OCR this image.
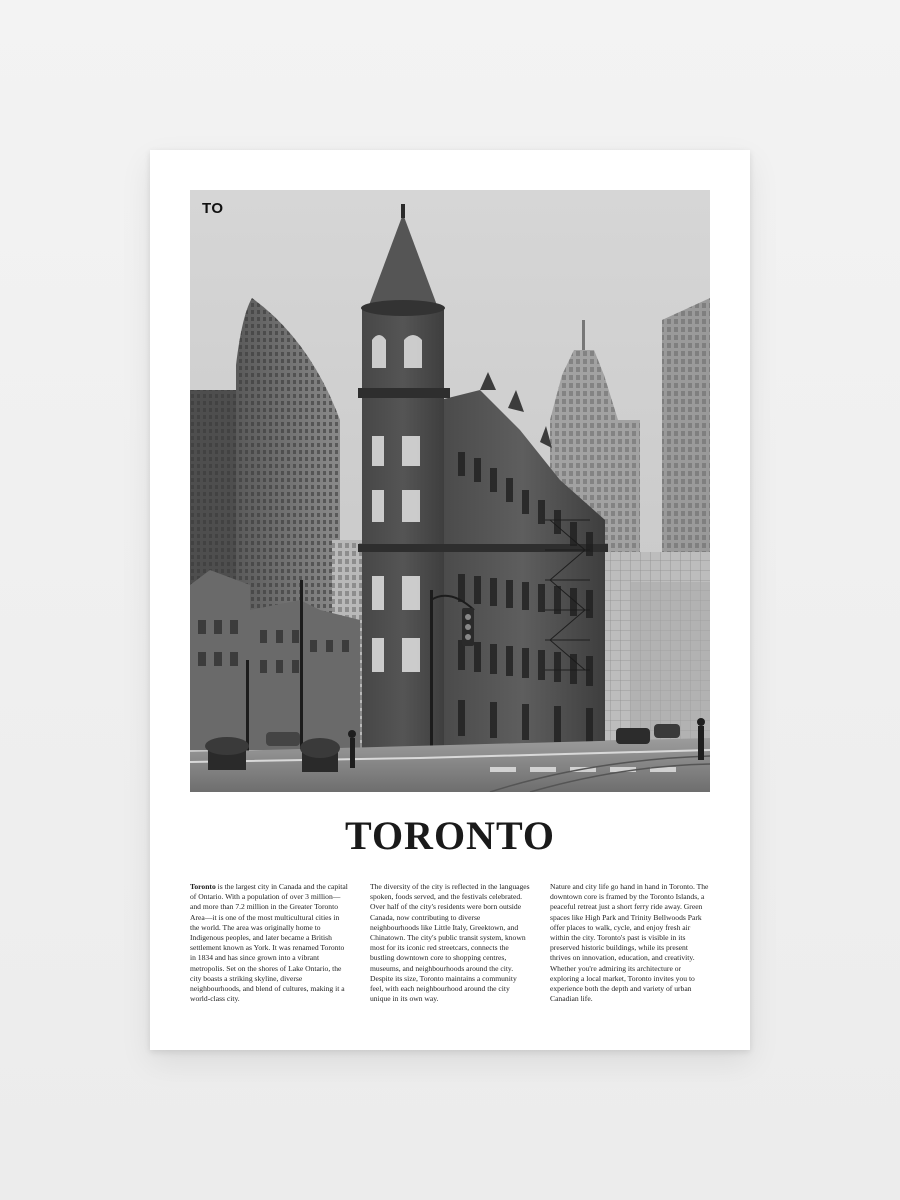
TO
TORONTO

Toronto is the largest city in Canada and the capital of Ontario. With a population of over 3 million—and more than 7.2 million in the Greater Toronto Area—it is one of the most multicultural cities in the world. The area was originally home to Indigenous peoples, and later became a British settlement known as York. It was renamed Toronto in 1834 and has since grown into a vibrant metropolis. Set on the shores of Lake Ontario, the city boasts a striking skyline, diverse neighbourhoods, and blend of cultures, making it a world-class city.

The diversity of the city is reflected in the languages spoken, foods served, and the festivals celebrated. Over half of the city's residents were born outside Canada, now contributing to diverse neighbourhoods like Little Italy, Greektown, and Chinatown. The city's public transit system, known most for its iconic red streetcars, connects the bustling downtown core to shopping centres, museums, and neighbourhoods around the city. Despite its size, Toronto maintains a community feel, with each neighbourhood around the city unique in its own way.

Nature and city life go hand in hand in Toronto. The downtown core is framed by the Toronto Islands, a peaceful retreat just a short ferry ride away. Green spaces like High Park and Trinity Bellwoods Park offer places to walk, cycle, and enjoy fresh air within the city. Toronto's past is visible in its preserved historic buildings, while its present thrives on innovation, education, and creativity. Whether you're admiring its architecture or exploring a local market, Toronto invites you to experience both the depth and variety of urban Canadian life.
